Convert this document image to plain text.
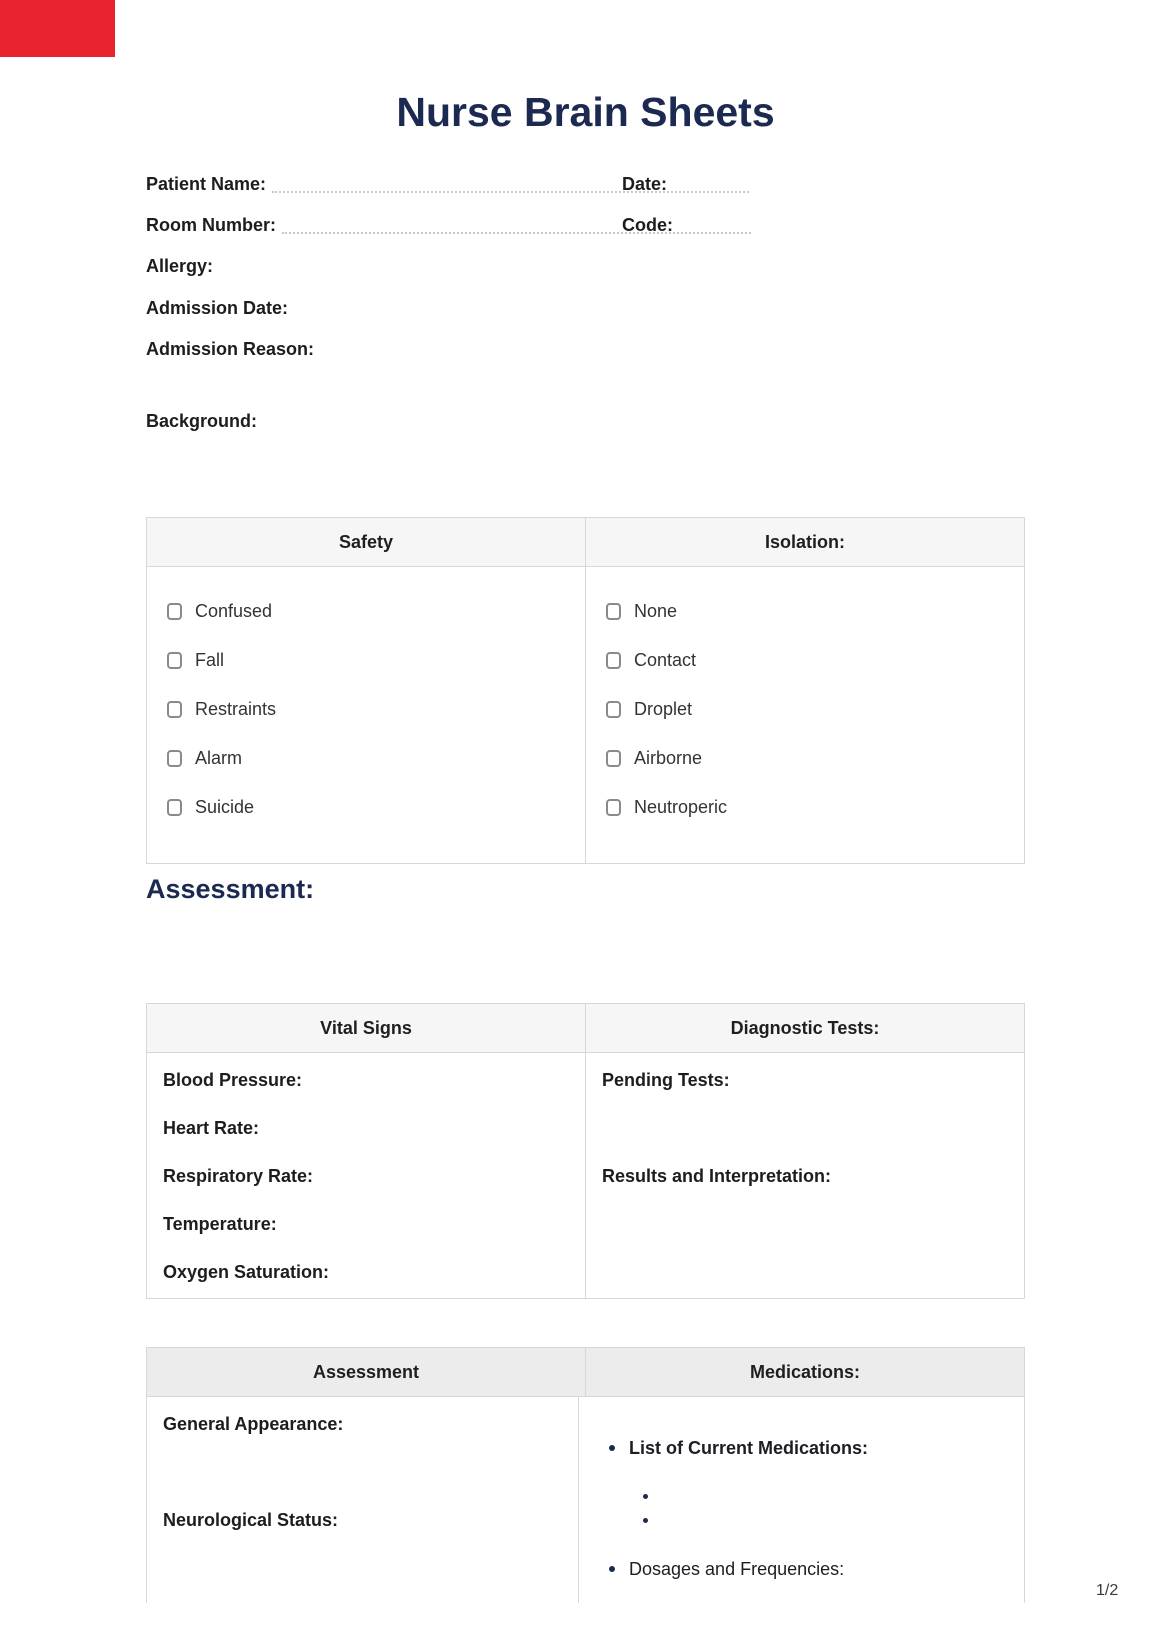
Nurse Brain Sheets
Patient Name:	Date:
Room Number:	Code:
Allergy:
Admission Date:
Admission Reason:
Background:
Safety	Isolation:
Confused
Fall
Restraints
Alarm
Suicide
None
Contact
Droplet
Airborne
Neutroperic
Assessment:
Vital Signs	Diagnostic Tests:
Blood Pressure:
Heart Rate:
Respiratory Rate:
Temperature:
Oxygen Saturation:
Pending Tests:
Results and Interpretation:
Assessment	Medications:
General Appearance:
Neurological Status:
List of Current Medications:
Dosages and Frequencies:
1/2
